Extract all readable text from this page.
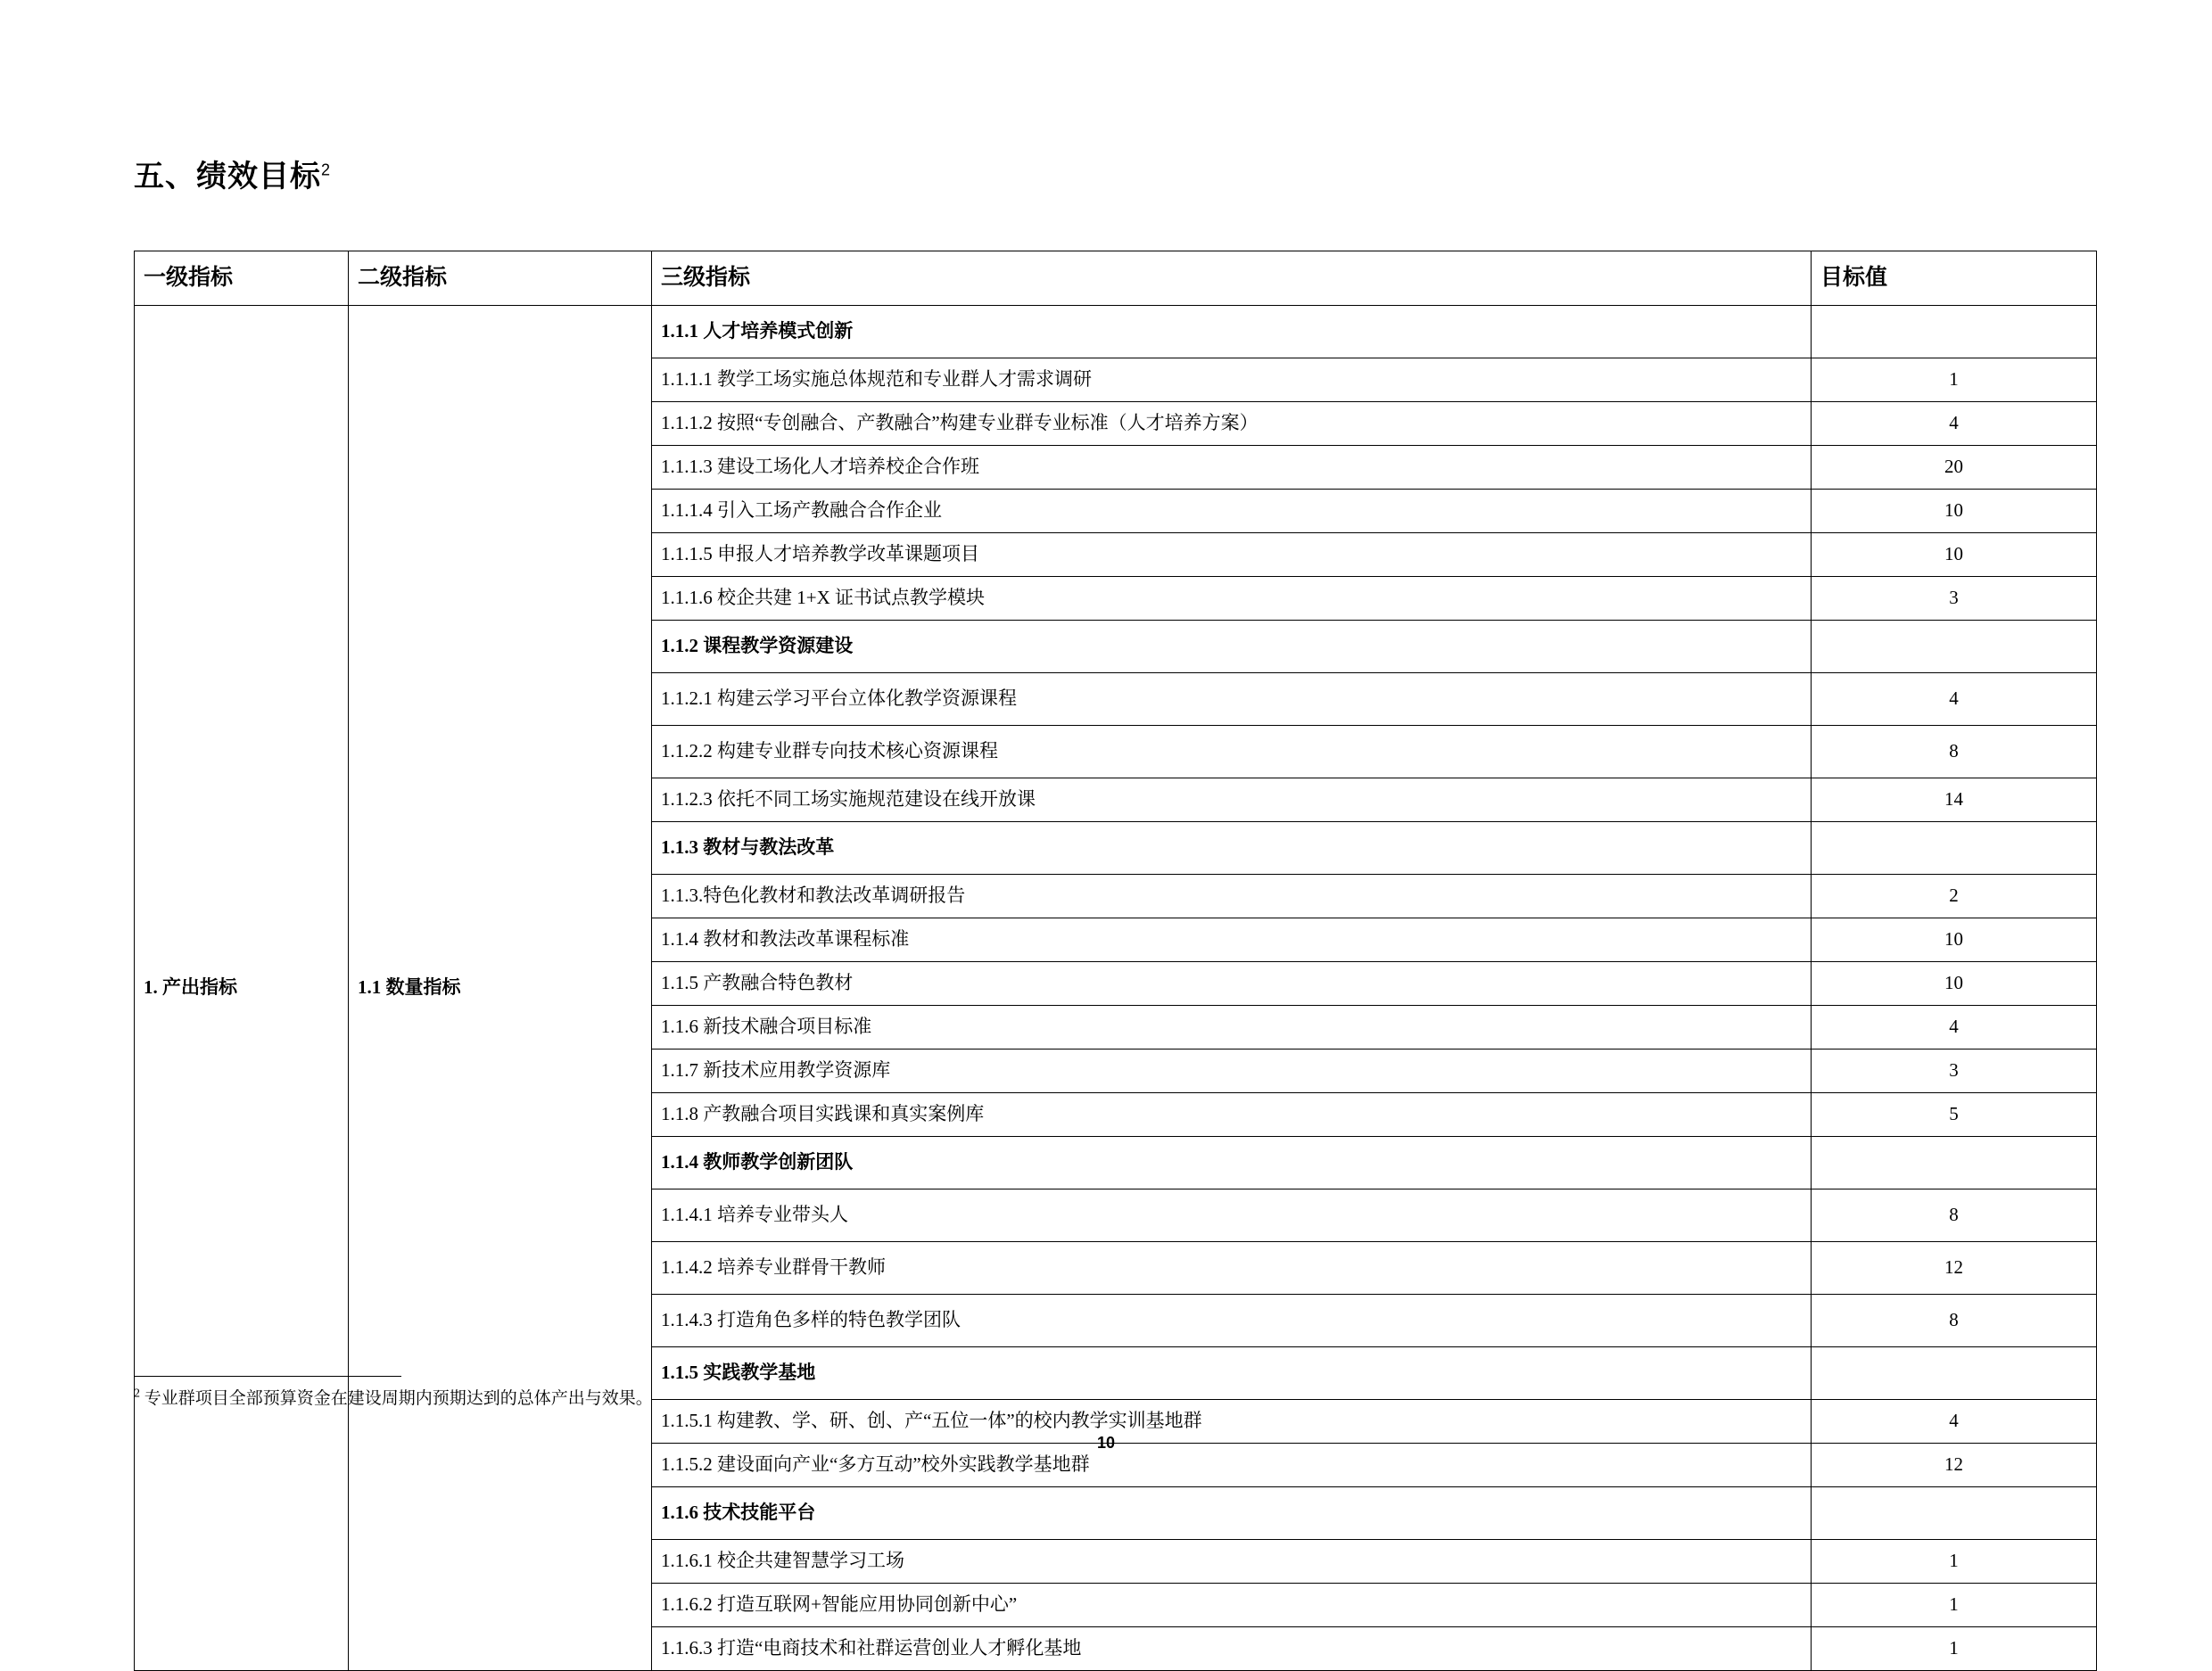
五、绩效目标$^2$
一级指标	二级指标	三级指标	目标值
1. 产出指标	1.1 数量指标	1.1.1 人才培养模式创新	
		1.1.1.1 教学工场实施总体规范和专业群人才需求调研	1
		1.1.1.2 按照“专创融合、产教融合”构建专业群专业标准（人才培养方案）	4
		1.1.1.3 建设工场化人才培养校企合作班	20
		1.1.1.4 引入工场产教融合合作企业	10
		1.1.1.5 申报人才培养教学改革课题项目	10
		1.1.1.6 校企共建 1+X 证书试点教学模块	3
		1.1.2 课程教学资源建设	
		1.1.2.1 构建云学习平台立体化教学资源课程	4
		1.1.2.2 构建专业群专向技术核心资源课程	8
		1.1.2.3 依托不同工场实施规范建设在线开放课	14
		1.1.3 教材与教法改革	
		1.1.3.特色化教材和教法改革调研报告	2
		1.1.4 教材和教法改革课程标准	10
		1.1.5 产教融合特色教材	10
		1.1.6 新技术融合项目标准	4
		1.1.7 新技术应用教学资源库	3
		1.1.8 产教融合项目实践课和真实案例库	5
		1.1.4 教师教学创新团队	
		1.1.4.1 培养专业带头人	8
		1.1.4.2 培养专业群骨干教师	12
		1.1.4.3 打造角色多样的特色教学团队	8
		1.1.5 实践教学基地	
		1.1.5.1 构建教、学、研、创、产“五位一体”的校内教学实训基地群	4
		1.1.5.2 建设面向产业“多方互动”校外实践教学基地群	12
		1.1.6 技术技能平台	
		1.1.6.1 校企共建智慧学习工场	1
		1.1.6.2 打造互联网+智能应用协同创新中心”	1
		1.1.6.3 打造“电商技术和社群运营创业人才孵化基地	1
$^2$ 专业群项目全部预算资金在建设周期内预期达到的总体产出与效果。
10
